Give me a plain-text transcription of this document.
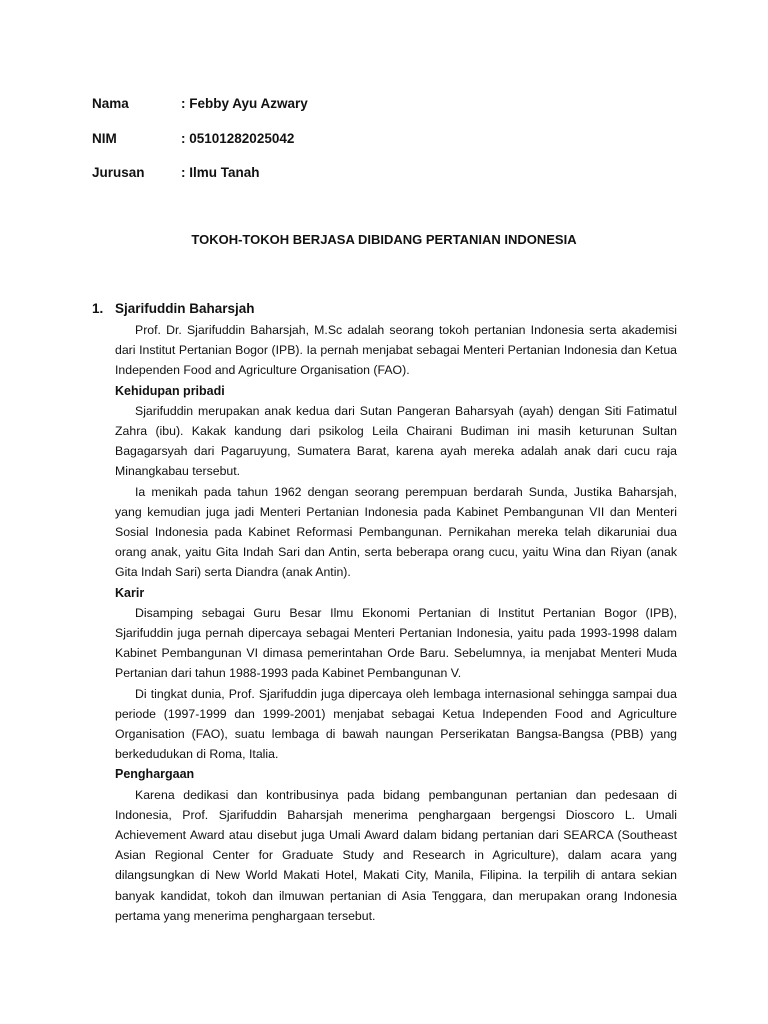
Nama	: Febby Ayu Azwary
NIM	: 05101282025042
Jurusan	: Ilmu Tanah
TOKOH-TOKOH BERJASA DIBIDANG PERTANIAN INDONESIA
1. Sjarifuddin Baharsjah

Prof. Dr. Sjarifuddin Baharsjah, M.Sc adalah seorang tokoh pertanian Indonesia serta akademisi dari Institut Pertanian Bogor (IPB). Ia pernah menjabat sebagai Menteri Pertanian Indonesia dan Ketua Independen Food and Agriculture Organisation (FAO).

Kehidupan pribadi

Sjarifuddin merupakan anak kedua dari Sutan Pangeran Baharsyah (ayah) dengan Siti Fatimatul Zahra (ibu). Kakak kandung dari psikolog Leila Chairani Budiman ini masih keturunan Sultan Bagagarsyah dari Pagaruyung, Sumatera Barat, karena ayah mereka adalah anak dari cucu raja Minangkabau tersebut.

Ia menikah pada tahun 1962 dengan seorang perempuan berdarah Sunda, Justika Baharsjah, yang kemudian juga jadi Menteri Pertanian Indonesia pada Kabinet Pembangunan VII dan Menteri Sosial Indonesia pada Kabinet Reformasi Pembangunan. Pernikahan mereka telah dikaruniai dua orang anak, yaitu Gita Indah Sari dan Antin, serta beberapa orang cucu, yaitu Wina dan Riyan (anak Gita Indah Sari) serta Diandra (anak Antin).

Karir

Disamping sebagai Guru Besar Ilmu Ekonomi Pertanian di Institut Pertanian Bogor (IPB), Sjarifuddin juga pernah dipercaya sebagai Menteri Pertanian Indonesia, yaitu pada 1993-1998 dalam Kabinet Pembangunan VI dimasa pemerintahan Orde Baru. Sebelumnya, ia menjabat Menteri Muda Pertanian dari tahun 1988-1993 pada Kabinet Pembangunan V.

Di tingkat dunia, Prof. Sjarifuddin juga dipercaya oleh lembaga internasional sehingga sampai dua periode (1997-1999 dan 1999-2001) menjabat sebagai Ketua Independen Food and Agriculture Organisation (FAO), suatu lembaga di bawah naungan Perserikatan Bangsa-Bangsa (PBB) yang berkedudukan di Roma, Italia.

Penghargaan

Karena dedikasi dan kontribusinya pada bidang pembangunan pertanian dan pedesaan di Indonesia, Prof. Sjarifuddin Baharsjah menerima penghargaan bergengsi Dioscoro L. Umali Achievement Award atau disebut juga Umali Award dalam bidang pertanian dari SEARCA (Southeast Asian Regional Center for Graduate Study and Research in Agriculture), dalam acara yang dilangsungkan di New World Makati Hotel, Makati City, Manila, Filipina. Ia terpilih di antara sekian banyak kandidat, tokoh dan ilmuwan pertanian di Asia Tenggara, dan merupakan orang Indonesia pertama yang menerima penghargaan tersebut.
